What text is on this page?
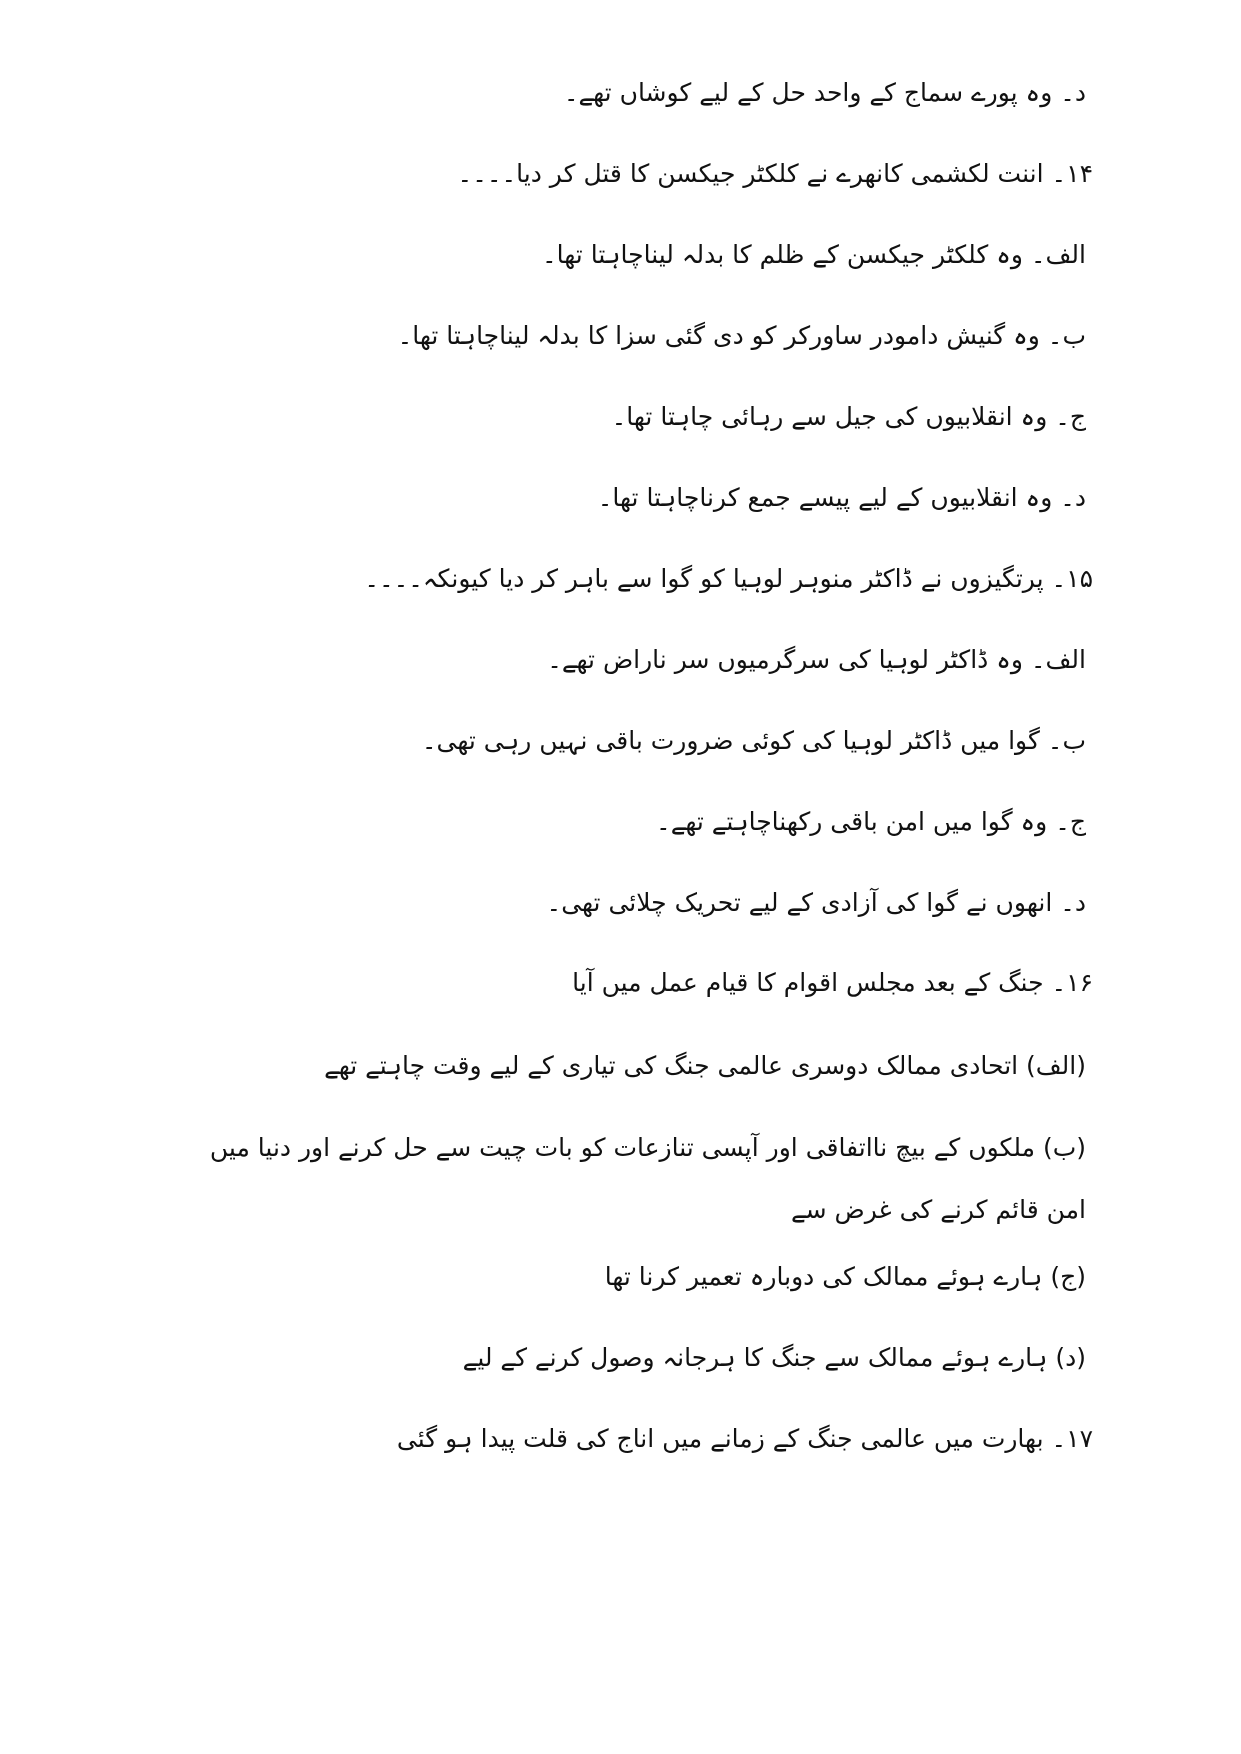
د۔ وہ پورے سماج کے واحد حل کے لیے کوشاں تھے۔
۱۴۔ اننت لکشمی کانھرے نے کلکٹر جیکسن کا قتل کر دیا۔۔۔۔
الف۔ وہ کلکٹر جیکسن کے ظلم کا بدلہ لیناچاہتا تھا۔
ب۔ وہ گنیش دامودر ساورکر کو دی گئی سزا کا بدلہ لیناچاہتا تھا۔
ج۔ وہ انقلابیوں کی جیل سے رہائی چاہتا تھا۔
د۔ وہ انقلابیوں کے لیے پیسے جمع کرناچاہتا تھا۔
۱۵۔ پرتگیزوں نے ڈاکٹر منوہر لوہیا کو گوا سے باہر کر دیا کیونکہ۔۔۔۔
الف۔ وہ ڈاکٹر لوہیا کی سرگرمیوں سر ناراض تھے۔
ب۔ گوا میں ڈاکٹر لوہیا کی کوئی ضرورت باقی نہیں رہی تھی۔
ج۔ وہ گوا میں امن باقی رکھناچاہتے تھے۔
د۔ انھوں نے گوا کی آزادی کے لیے تحریک چلائی تھی۔
۱۶۔ جنگ کے بعد مجلس اقوام کا قیام عمل میں آیا
(الف) اتحادی ممالک دوسری عالمی جنگ کی تیاری کے لیے وقت چاہتے تھے
(ب) ملکوں کے بیچ نااتفاقی اور آپسی تنازعات کو بات چیت سے حل کرنے اور دنیا میں امن قائم کرنے کی غرض سے
(ج) ہارے ہوئے ممالک کی دوبارہ تعمیر کرنا تھا
(د) ہارے ہوئے ممالک سے جنگ کا ہرجانہ وصول کرنے کے لیے
۱۷۔ بھارت میں عالمی جنگ کے زمانے میں اناج کی قلت پیدا ہو گئی
